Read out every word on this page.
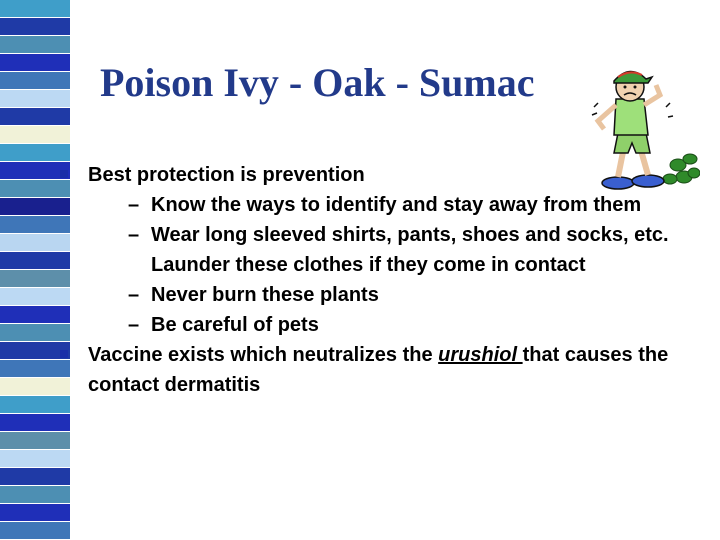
Poison Ivy - Oak - Sumac
Best protection is prevention
– Know the ways to identify and stay away from them
– Wear long sleeved shirts, pants, shoes and socks, etc. Launder these clothes if they come in contact
– Never burn these plants
– Be careful of pets
Vaccine exists which neutralizes the urushiol that causes the contact dermatitis
